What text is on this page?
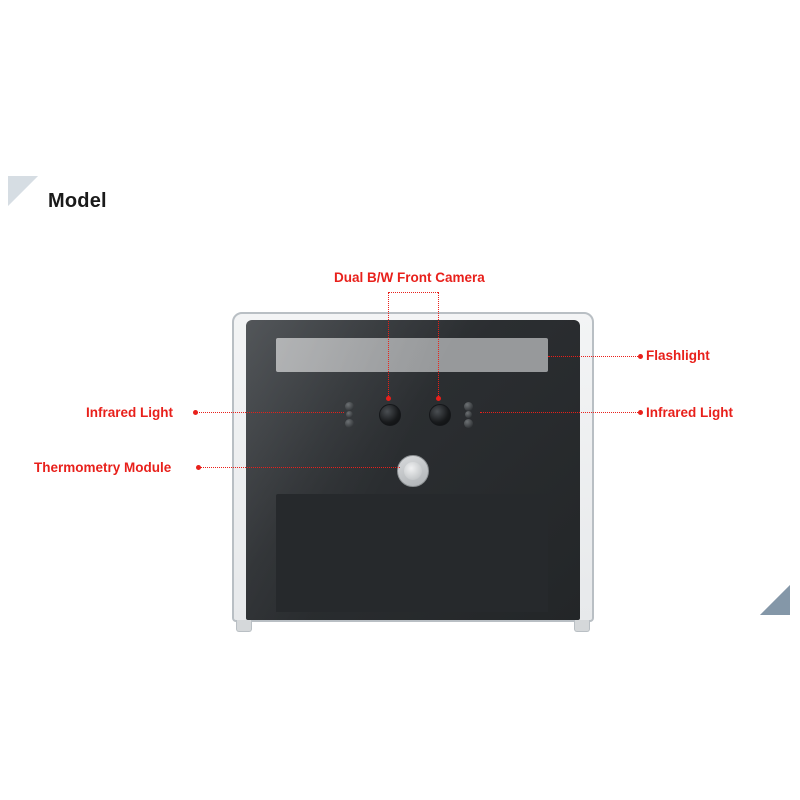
Model
Dual B/W Front Camera
Flashlight
Infrared Light	Infrared Light
Thermometry Module
